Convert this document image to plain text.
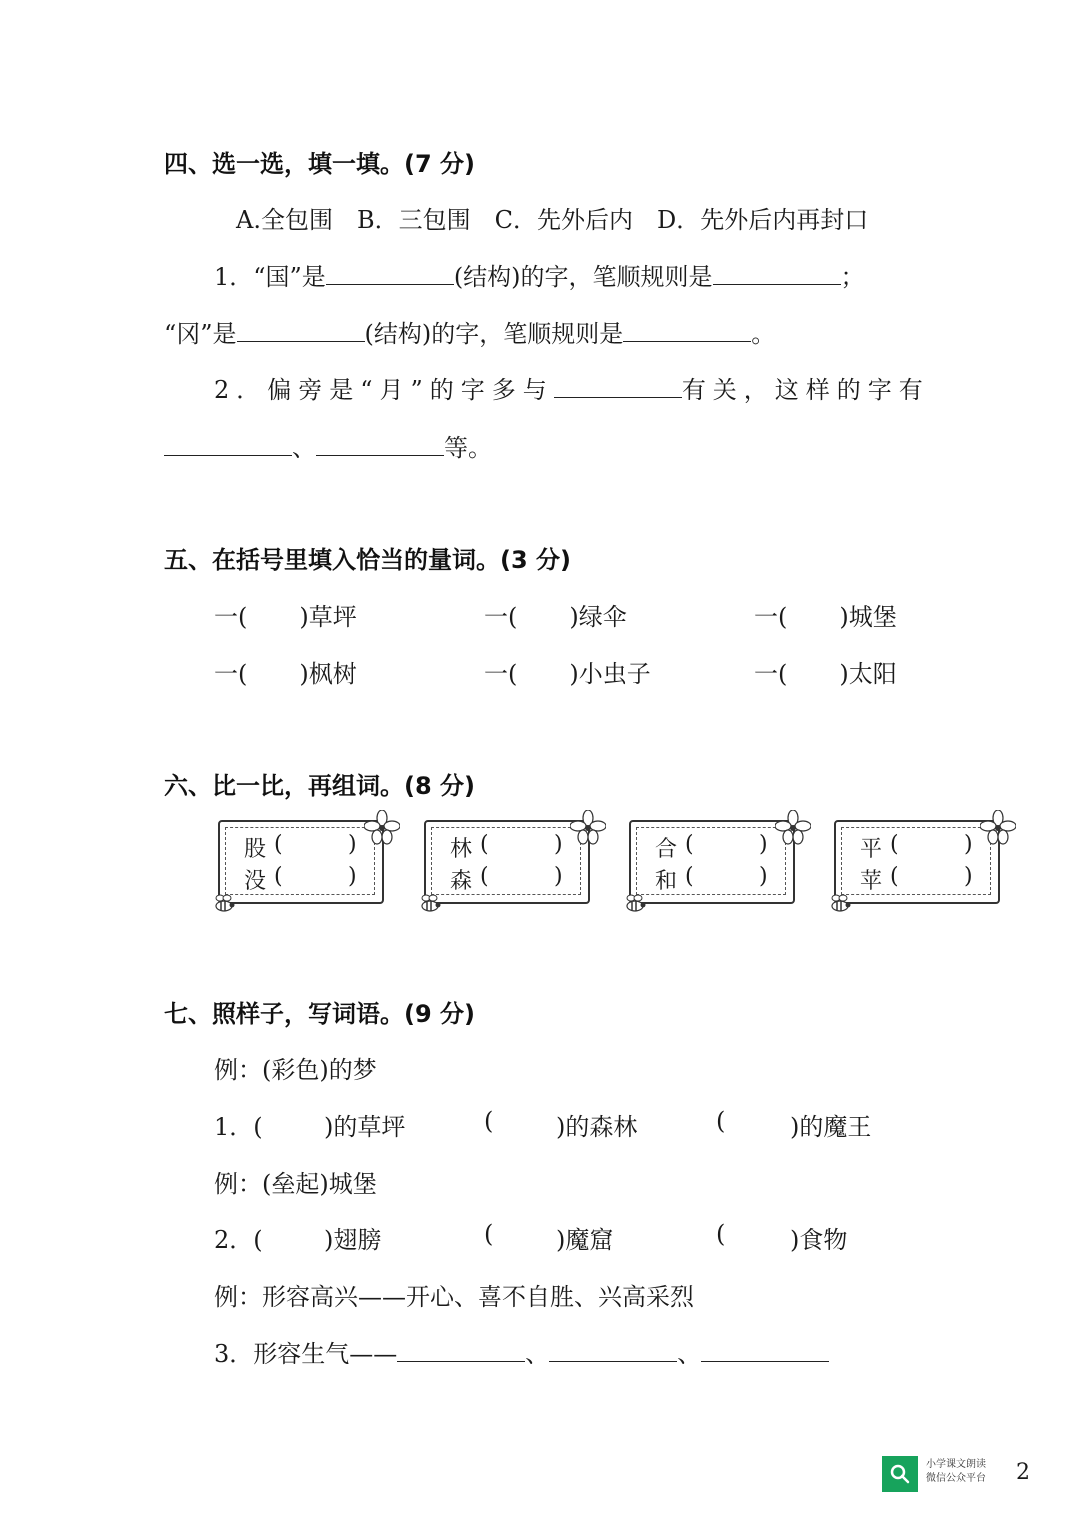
四、选一选，填一填。(7 分)
A.全包围　B．三包围　C．先外后内　D．先外后内再封口
1．“国”是	(结构)的字，笔顺规则是	；
“冈”是	(结构)的字，笔顺规则是	。
2．偏旁是“月”的字多与	有关，这样的字有
、	等。
五、在括号里填入恰当的量词。(3 分)
一( )草坪	一( )绿伞	一( )城堡
一( )枫树	一( )小虫子	一( )太阳
六、比一比，再组词。(8 分)
股 (	)
没 (	)
林 (	)
森 (	)
合 (	)
和 (	)
平 (	)
苹 (	)
七、照样子，写词语。(9 分)
例：(彩色)的梦
1．(	)的草坪	(	)的森林	(	)的魔王
例：(垒起)城堡
2．(	)翅膀	(	)魔窟	(	)食物
例：形容高兴——开心、喜不自胜、兴高采烈
3．形容生气——	、	、
小学课文朗读
微信公众平台 2
